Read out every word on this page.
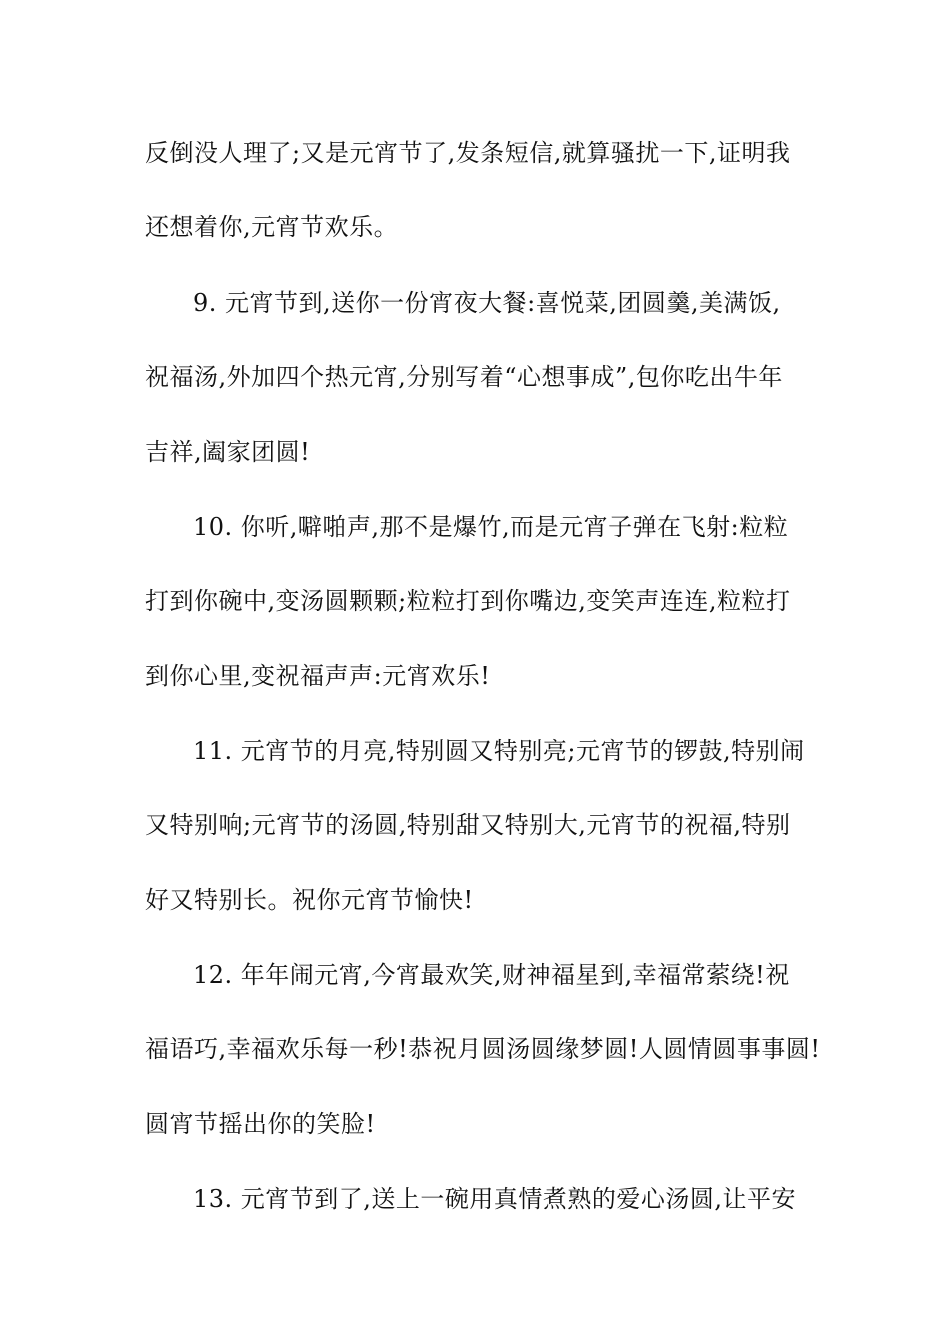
反倒没人理了;又是元宵节了,发条短信,就算骚扰一下,证明我
还想着你,元宵节欢乐。
9. 元宵节到,送你一份宵夜大餐:喜悦菜,团圆羹,美满饭,
祝福汤,外加四个热元宵,分别写着“心想事成”,包你吃出牛年
吉祥,阖家团圆!
10. 你听,噼啪声,那不是爆竹,而是元宵子弹在飞射:粒粒
打到你碗中,变汤圆颗颗;粒粒打到你嘴边,变笑声连连,粒粒打
到你心里,变祝福声声:元宵欢乐!
11. 元宵节的月亮,特别圆又特别亮;元宵节的锣鼓,特别闹
又特别响;元宵节的汤圆,特别甜又特别大,元宵节的祝福,特别
好又特别长。祝你元宵节愉快!
12. 年年闹元宵,今宵最欢笑,财神福星到,幸福常萦绕!祝
福语巧,幸福欢乐每一秒!恭祝月圆汤圆缘梦圆!人圆情圆事事圆!
圆宵节摇出你的笑脸!
13. 元宵节到了,送上一碗用真情煮熟的爱心汤圆,让平安
